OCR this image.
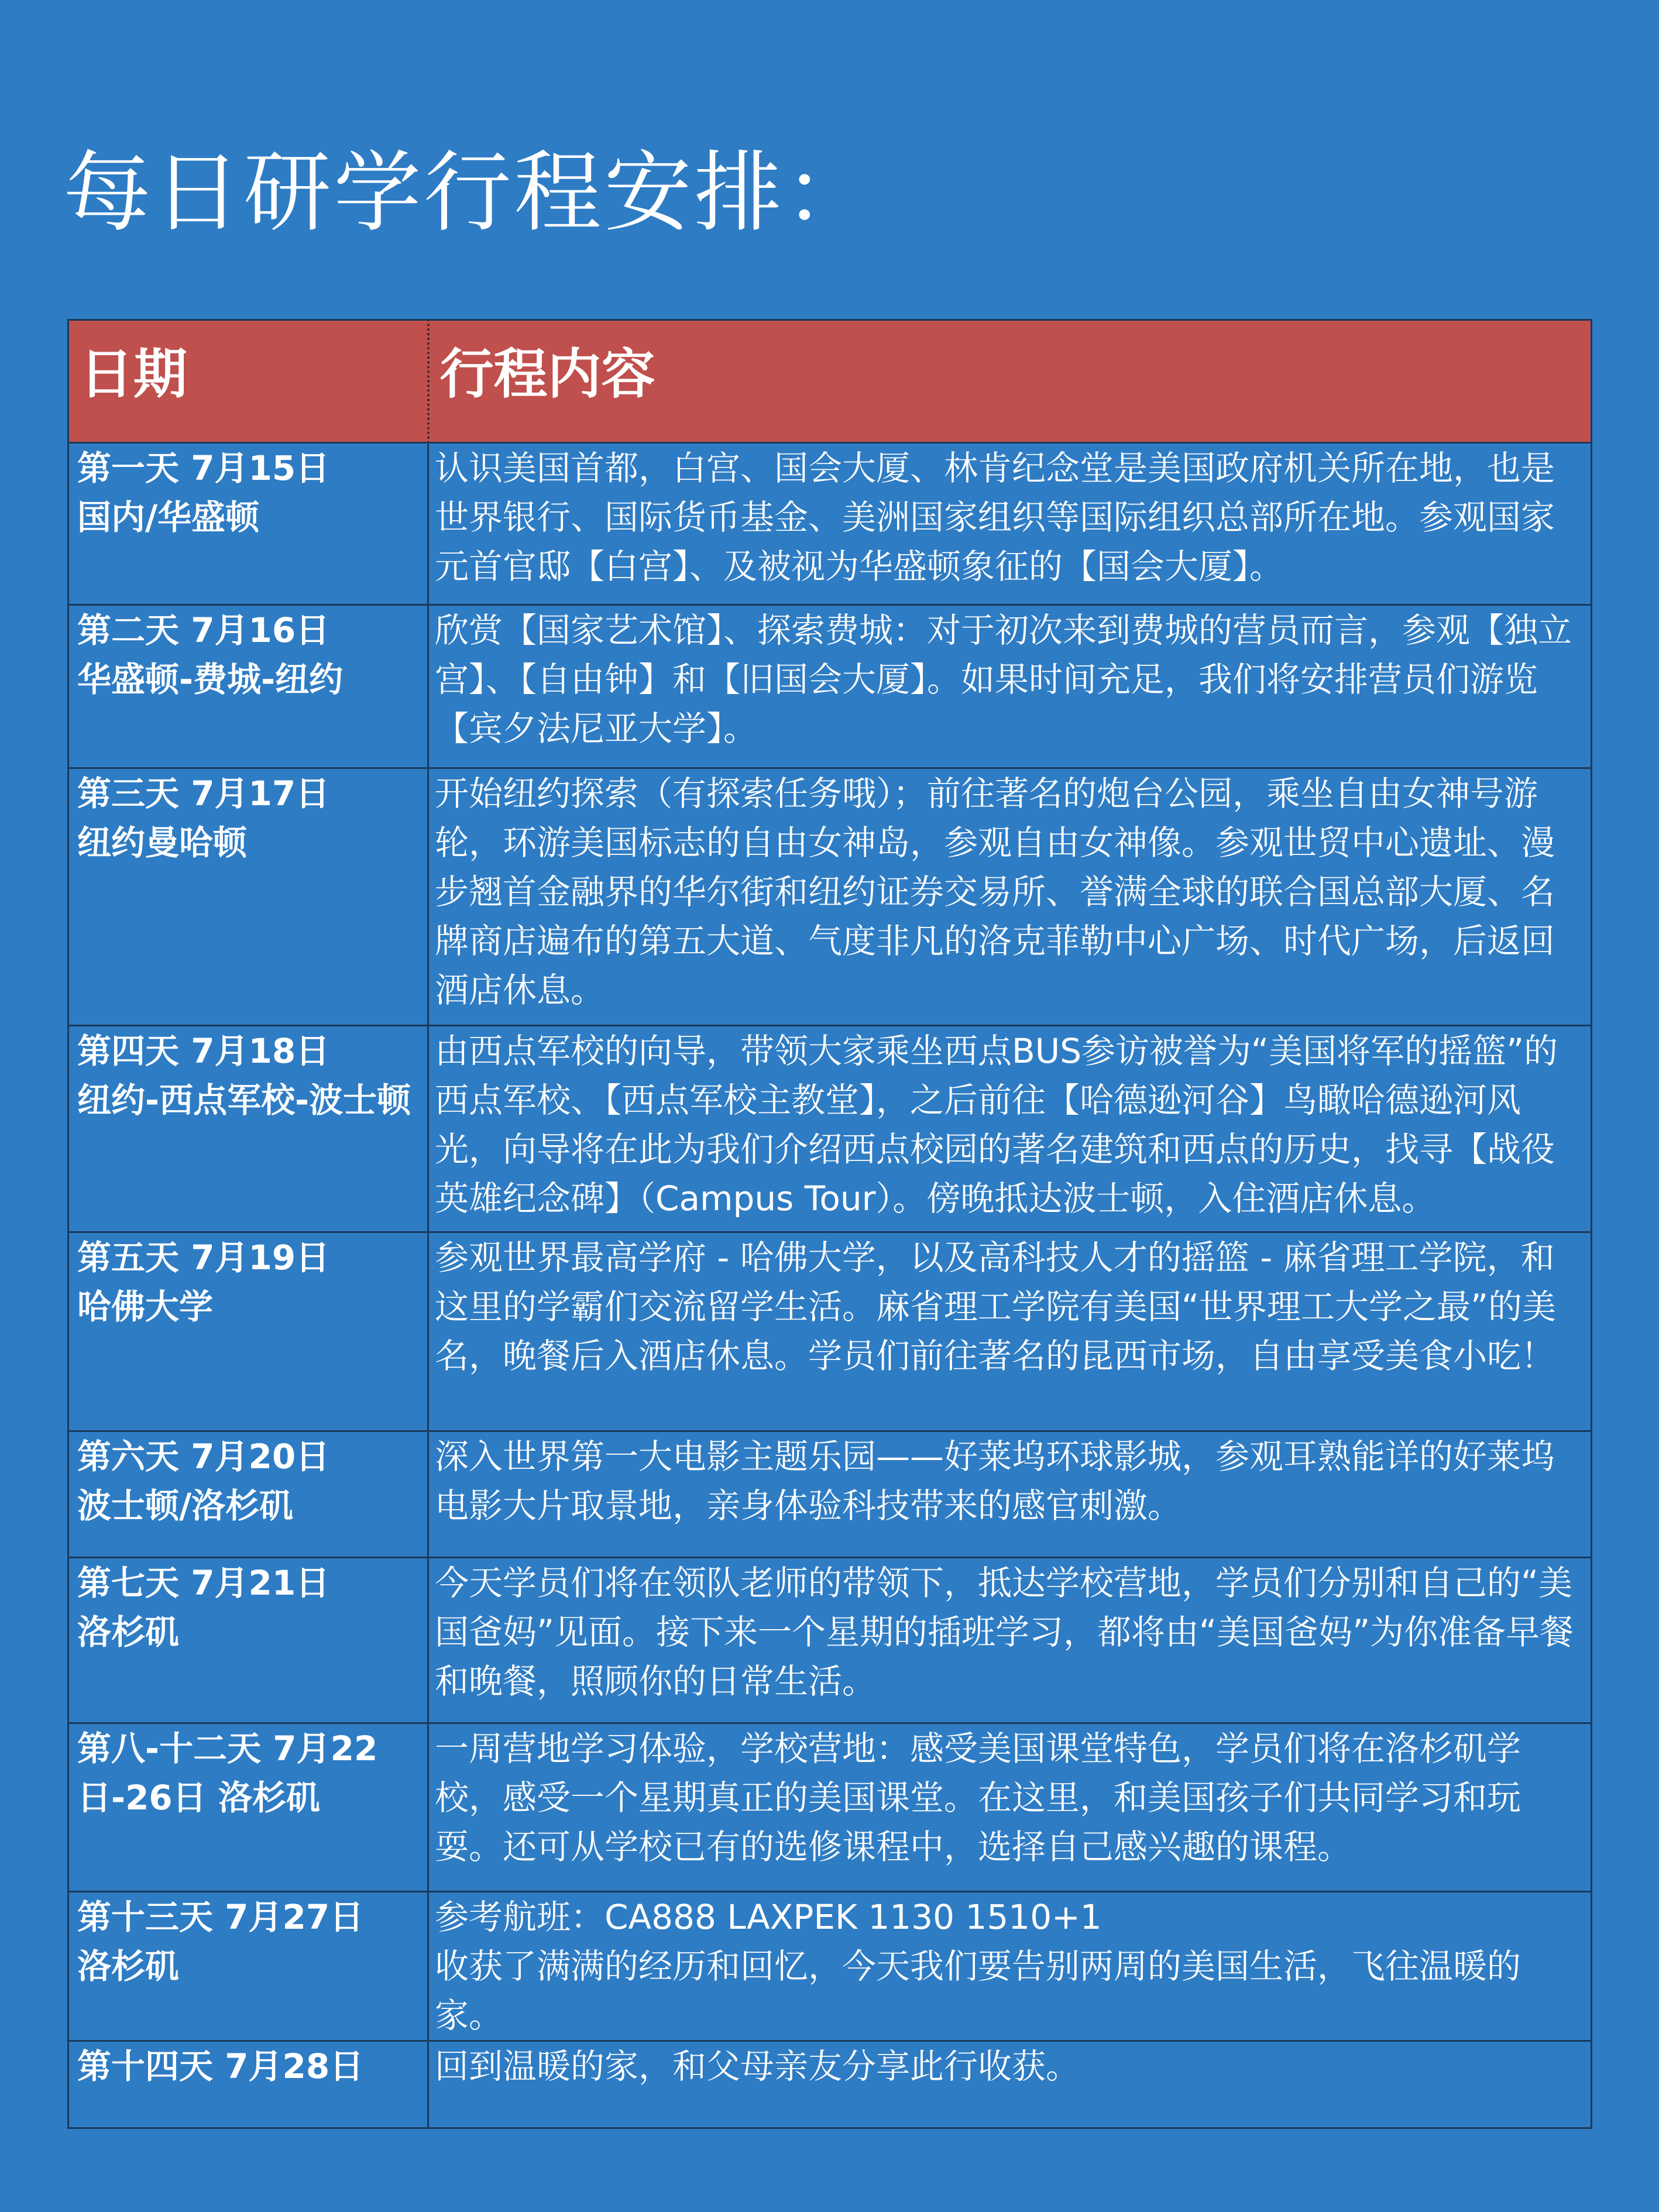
每日研学行程安排：
日期	行程内容

第一天 7月15日
国内/华盛顿	认识美国首都，白宫、国会大厦、林肯纪念堂是美国政府机关所在地，也是世界银行、国际货币基金、美洲国家组织等国际组织总部所在地。参观国家元首官邸【白宫】、及被视为华盛顿象征的【国会大厦】。

第二天 7月16日
华盛顿-费城-纽约	欣赏【国家艺术馆】、探索费城：对于初次来到费城的营员而言，参观【独立宫】、【自由钟】和【旧国会大厦】。如果时间充足，我们将安排营员们游览【宾夕法尼亚大学】。

第三天 7月17日
纽约曼哈顿	开始纽约探索（有探索任务哦）；前往著名的炮台公园，乘坐自由女神号游轮，环游美国标志的自由女神岛，参观自由女神像。参观世贸中心遗址、漫步翘首金融界的华尔街和纽约证券交易所、誉满全球的联合国总部大厦、名牌商店遍布的第五大道、气度非凡的洛克菲勒中心广场、时代广场，后返回酒店休息。

第四天 7月18日
纽约-西点军校-波士顿	由西点军校的向导，带领大家乘坐西点BUS参访被誉为“美国将军的摇篮”的西点军校、【西点军校主教堂】，之后前往【哈德逊河谷】鸟瞰哈德逊河风光，向导将在此为我们介绍西点校园的著名建筑和西点的历史，找寻【战役英雄纪念碑】（Campus Tour）。傍晚抵达波士顿，入住酒店休息。

第五天 7月19日
哈佛大学	参观世界最高学府 - 哈佛大学，以及高科技人才的摇篮 - 麻省理工学院，和这里的学霸们交流留学生活。麻省理工学院有美国“世界理工大学之最”的美名，晚餐后入酒店休息。学员们前往著名的昆西市场，自由享受美食小吃！

第六天 7月20日
波士顿/洛杉矶	深入世界第一大电影主题乐园——好莱坞环球影城，参观耳熟能详的好莱坞电影大片取景地，亲身体验科技带来的感官刺激。

第七天 7月21日
洛杉矶	今天学员们将在领队老师的带领下，抵达学校营地，学员们分别和自己的“美国爸妈”见面。接下来一个星期的插班学习，都将由“美国爸妈”为你准备早餐和晚餐，照顾你的日常生活。

第八-十二天 7月22日-26日 洛杉矶	一周营地学习体验，学校营地：感受美国课堂特色，学员们将在洛杉矶学校，感受一个星期真正的美国课堂。在这里，和美国孩子们共同学习和玩耍。还可从学校已有的选修课程中，选择自己感兴趣的课程。

第十三天 7月27日
洛杉矶	参考航班：CA888 LAXPEK 1130 1510+1
收获了满满的经历和回忆，今天我们要告别两周的美国生活，飞往温暖的家。

第十四天 7月28日	回到温暖的家，和父母亲友分享此行收获。
